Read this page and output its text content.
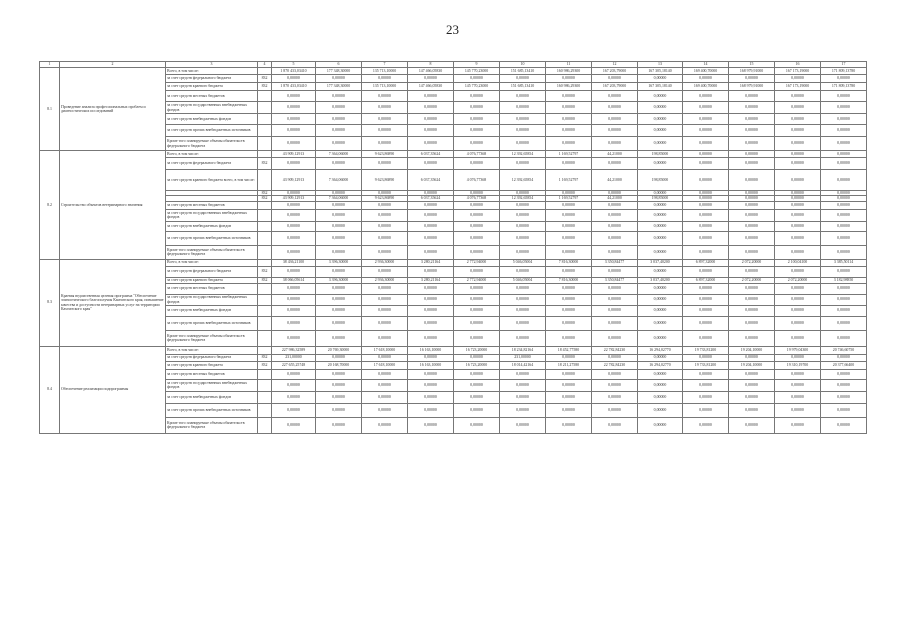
23
1	2	3	4	5	6	7	8	9	10	11	12	13	14	15	16	17
8.1	Проведение анализа профессиональных проблем и диагностических исследований	Всего, в том числе:		1 870 433,03410	177 348,30000	135 713,10000	147 466,05830	145 770,23000	151 685,13410	160 986,29300	167 203,79000	167 305,18140	169 400,70000	168 979,91000	167 173,19000	171 809,13780
		за счет средств федерального бюджета	832	0,00000	0,00000	0,00000	0,00000	0,00000	0,00000	0,00000	0,00000	0,00000	0,00000	0,00000	0,00000	0,00000
		за счет средств краевого бюджета	832	1 870 433,03410	177 348,30000	135 713,10000	147 466,05830	145 770,23000	151 685,13410	160 986,29300	167 203,79000	167 305,18140	169 400,70000	168 979,91000	167 173,19000	171 809,13780
		за счет средств местных бюджетов		0,00000	0,00000	0,00000	0,00000	0,00000	0,00000	0,00000	0,00000	0,00000	0,00000	0,00000	0,00000	0,00000
		за счет средств государственных внебюджетных фондов		0,00000	0,00000	0,00000	0,00000	0,00000	0,00000	0,00000	0,00000	0,00000	0,00000	0,00000	0,00000	0,00000
		за счет средств внебюджетных фондов		0,00000	0,00000	0,00000	0,00000	0,00000	0,00000	0,00000	0,00000	0,00000	0,00000	0,00000	0,00000	0,00000
		за счет средств прочих внебюджетных источников		0,00000	0,00000	0,00000	0,00000	0,00000	0,00000	0,00000	0,00000	0,00000	0,00000	0,00000	0,00000	0,00000
		Кроме того планируемые объемы обязательств федерального бюджета		0,00000	0,00000	0,00000	0,00000	0,00000	0,00000	0,00000	0,00000	0,00000	0,00000	0,00000	0,00000	0,00000
8.2	Строительство объектов ветеринарного значения	Всего, в том числе:		43 909,12913	7 364,06000	9 623,86890	6 037,35624	4 076,77368	12 392,65854	1 169,52797	44,21000	198,85000	0,00000	0,00000	0,00000	0,00000
		за счет средств федерального бюджета	832	0,00000	0,00000	0,00000	0,00000	0,00000	0,00000	0,00000	0,00000	0,00000	0,00000	0,00000	0,00000	0,00000
		за счет средств краевого бюджета всего, в том числе:		43 909,12913	7 364,06000	9 623,86890	6 037,35624	4 076,77368	12 392,65854	1 169,52797	44,21000	198,85000	0,00000	0,00000	0,00000	0,00000
			832	0,00000	0,00000	0,00000	0,00000	0,00000	0,00000	0,00000	0,00000	0,00000	0,00000	0,00000	0,00000	0,00000
			832	43 909,12913	7 364,06000	9 623,86890	6 037,35624	4 076,77368	12 392,65854	1 169,52797	44,21000	198,85000	0,00000	0,00000	0,00000	0,00000
		за счет средств местных бюджетов		0,00000	0,00000	0,00000	0,00000	0,00000	0,00000	0,00000	0,00000	0,00000	0,00000	0,00000	0,00000	0,00000
		за счет средств государственных внебюджетных фондов		0,00000	0,00000	0,00000	0,00000	0,00000	0,00000	0,00000	0,00000	0,00000	0,00000	0,00000	0,00000	0,00000
		за счет средств внебюджетных фондов		0,00000	0,00000	0,00000	0,00000	0,00000	0,00000	0,00000	0,00000	0,00000	0,00000	0,00000	0,00000	0,00000
		за счет средств прочих внебюджетных источников		0,00000	0,00000	0,00000	0,00000	0,00000	0,00000	0,00000	0,00000	0,00000	0,00000	0,00000	0,00000	0,00000
		Кроме того планируемые объемы обязательств федерального бюджета		0,00000	0,00000	0,00000	0,00000	0,00000	0,00000	0,00000	0,00000	0,00000	0,00000	0,00000	0,00000	0,00000
8.3	Краевая ведомственная целевая программа "Обеспечение эпизоотического благополучия Камчатского края, повышение качества и доступности ветеринарных услуг на территории Камчатского края"	Всего, в том числе:		38 436,21100	3 396,30000	2 936,30000	3 280,21164	2 772,94000	5 046,05004	7 816,30000	3 350,84477	3 037,40200	6 897,32000	2 072,20000	2 100,04100	3 385,50114
		за счет средств федерального бюджета	832	0,00000	0,00000	0,00000	0,00000	0,00000	0,00000	0,00000	0,00000	0,00000	0,00000	0,00000	0,00000	0,00000
		за счет средств краевого бюджета	832	38 066,05614	3 396,30000	2 936,30000	3 280,21164	2 772,94000	5 046,05004	7 816,30000	3 350,84477	3 037,40200	6 897,32000	2 072,20000	2 072,20000	3 182,98850
		за счет средств местных бюджетов		0,00000	0,00000	0,00000	0,00000	0,00000	0,00000	0,00000	0,00000	0,00000	0,00000	0,00000	0,00000	0,00000
		за счет средств государственных внебюджетных фондов		0,00000	0,00000	0,00000	0,00000	0,00000	0,00000	0,00000	0,00000	0,00000	0,00000	0,00000	0,00000	0,00000
		за счет средств внебюджетных фондов		0,00000	0,00000	0,00000	0,00000	0,00000	0,00000	0,00000	0,00000	0,00000	0,00000	0,00000	0,00000	0,00000
		за счет средств прочих внебюджетных источников		0,00000	0,00000	0,00000	0,00000	0,00000	0,00000	0,00000	0,00000	0,00000	0,00000	0,00000	0,00000	0,00000
		Кроме того планируемые объемы обязательств федерального бюджета		0,00000	0,00000	0,00000	0,00000	0,00000	0,00000	0,00000	0,00000	0,00000	0,00000	0,00000	0,00000	0,00000
8.4	Обеспечение реализации подпрограммы	Всего, в том числе:		227 986,32589	20 769,30000	17 618,10000	16 163,10000	16 723,20000	18 234,82164	18 452,77580	22 782,84230	16 294,02770	19 733,81200	19 204,10000	19 979,04300	20 746,60750
		за счет средств федерального бюджета	832	231,00000	0,00000	0,00000	0,00000	0,00000	231,00000	0,00000	0,00000	0,00000	0,00000	0,00000	0,00000	0,00000
		за счет средств краевого бюджета	832	227 655,25748	20 168,70000	17 618,10000	16 163,10000	16 723,20000	18 014,42164	18 211,27580	22 782,84230	16 294,02770	19 733,81200	19 204,10000	19 310,19700	20 377,66400
		за счет средств местных бюджетов		0,00000	0,00000	0,00000	0,00000	0,00000	0,00000	0,00000	0,00000	0,00000	0,00000	0,00000	0,00000	0,00000
		за счет средств государственных внебюджетных фондов		0,00000	0,00000	0,00000	0,00000	0,00000	0,00000	0,00000	0,00000	0,00000	0,00000	0,00000	0,00000	0,00000
		за счет средств внебюджетных фондов		0,00000	0,00000	0,00000	0,00000	0,00000	0,00000	0,00000	0,00000	0,00000	0,00000	0,00000	0,00000	0,00000
		за счет средств прочих внебюджетных источников		0,00000	0,00000	0,00000	0,00000	0,00000	0,00000	0,00000	0,00000	0,00000	0,00000	0,00000	0,00000	0,00000
		Кроме того планируемые объемы обязательств федерального бюджета		0,00000	0,00000	0,00000	0,00000	0,00000	0,00000	0,00000	0,00000	0,00000	0,00000	0,00000	0,00000	0,00000
